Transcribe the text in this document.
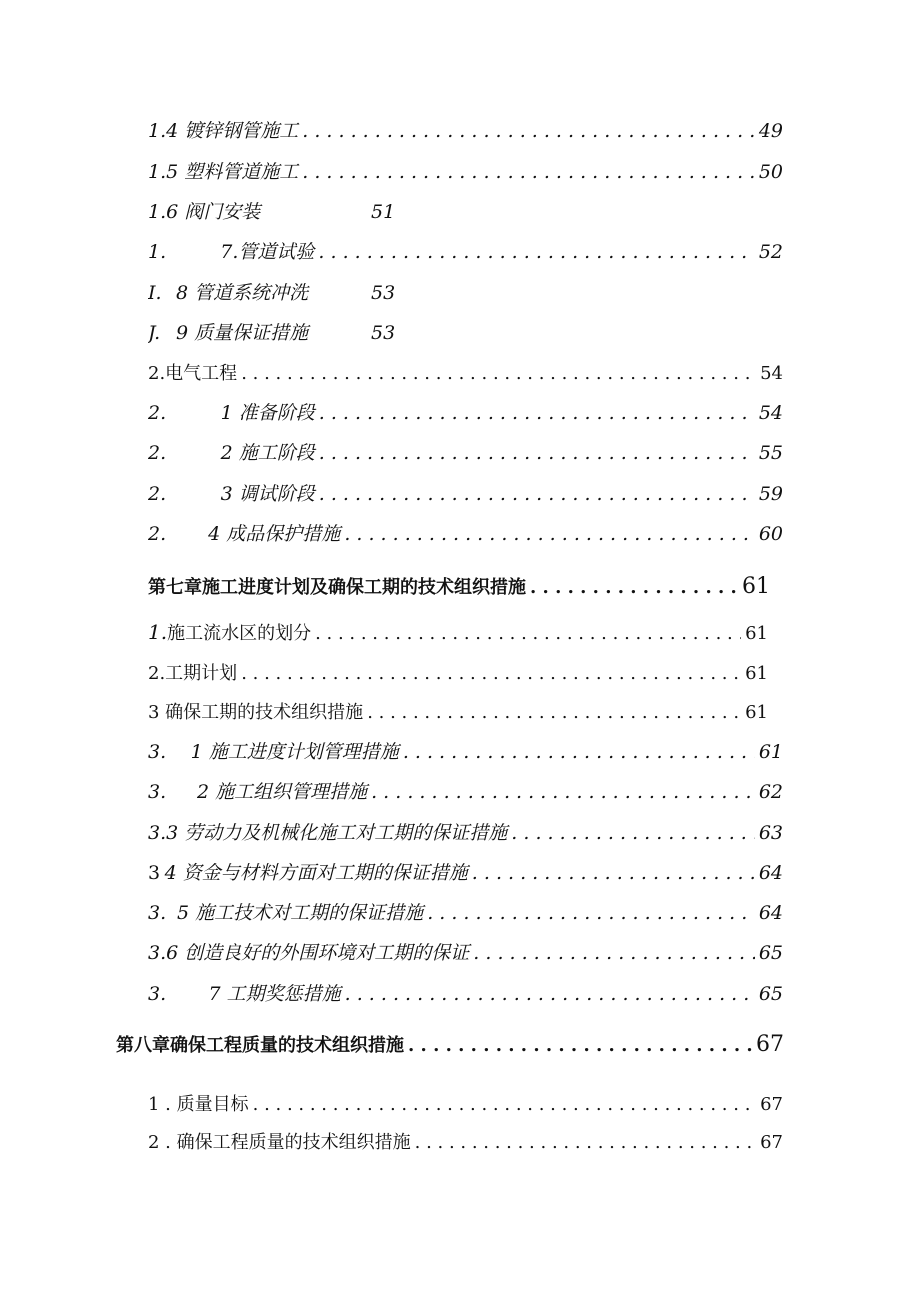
1.4 镀锌钢管施工 . . .	49
1.5 塑料管道施工 . . .	50
1.6 阀门安装	51
1.	7.管道试验 . . .	52
I. 8 管道系统冲洗	53
J. 9 质量保证措施	53
2.电气工程 . . .	54
2.	1 准备阶段 . . .	54
2.	2 施工阶段 . . .	55
2.	3 调试阶段 . . .	59
2.	4 成品保护措施 . . .	60
第七章施工进度计划及确保工期的技术组织措施 . . .	61
1. 施工流水区的划分 . . .	61
2 .工期计划 . . .	61
3 确保工期的技术组织措施 . . .	61
3 .	1 施工进度计划管理措施 . . .	61
3.	2 施工组织管理措施 . . .	62
3. 3 劳动力及机械化施工对工期的保证措施 . . .	63
3 4 资金与材料方面对工期的保证措施 . . .	64
3. 5 施工技术对工期的保证措施 . . .	64
3. 6 创造良好的外围环境对工期的保证 . . .	65
3.	7 工期奖惩措施 . . .	65
第八章确保工程质量的技术组织措施 . . .	67
1 . 质量目标 . . .	67
2 . 确保工程质量的技术组织措施 . . .	67
